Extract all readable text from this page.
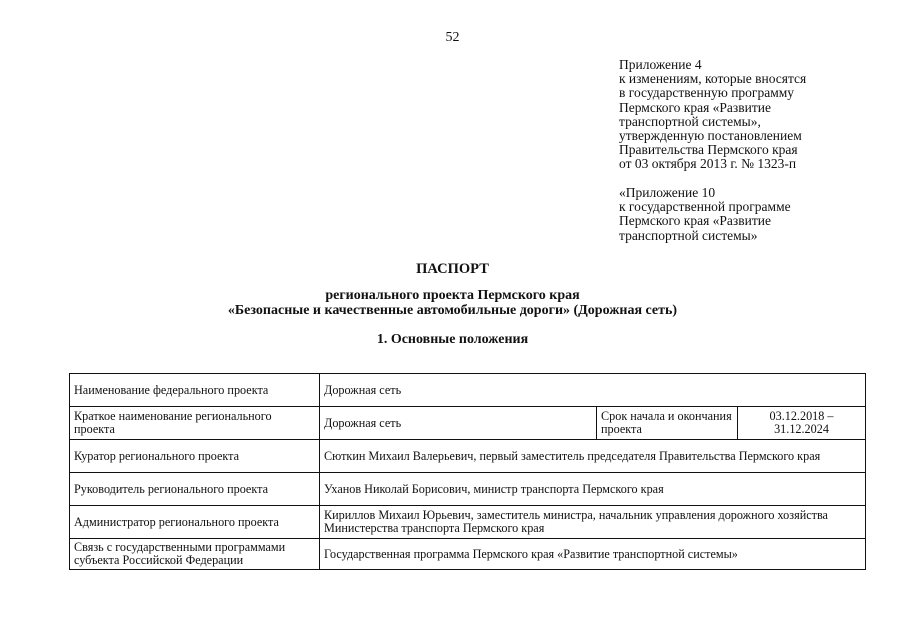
52
Приложение 4
к изменениям, которые вносятся
в государственную программу
Пермского края «Развитие
транспортной системы»,
утвержденную постановлением
Правительства Пермского края
от 03 октября 2013 г. № 1323-п
«Приложение 10
к государственной программе
Пермского края «Развитие
транспортной системы»
ПАСПОРТ
регионального проекта Пермского края
«Безопасные и качественные автомобильные дороги» (Дорожная сеть)
1. Основные положения
Наименование федерального проекта	Дорожная сеть		
Краткое наименование регионального проекта	Дорожная сеть	Срок начала и окончания проекта	03.12.2018 – 31.12.2024
Куратор регионального проекта	Сюткин Михаил Валерьевич, первый заместитель председателя Правительства Пермского края		
Руководитель регионального проекта	Уханов Николай Борисович, министр транспорта Пермского края		
Администратор регионального проекта	Кириллов Михаил Юрьевич, заместитель министра, начальник управления дорожного хозяйства Министерства транспорта Пермского края		
Связь с государственными программами субъекта Российской Федерации	Государственная программа Пермского края «Развитие транспортной системы»		
